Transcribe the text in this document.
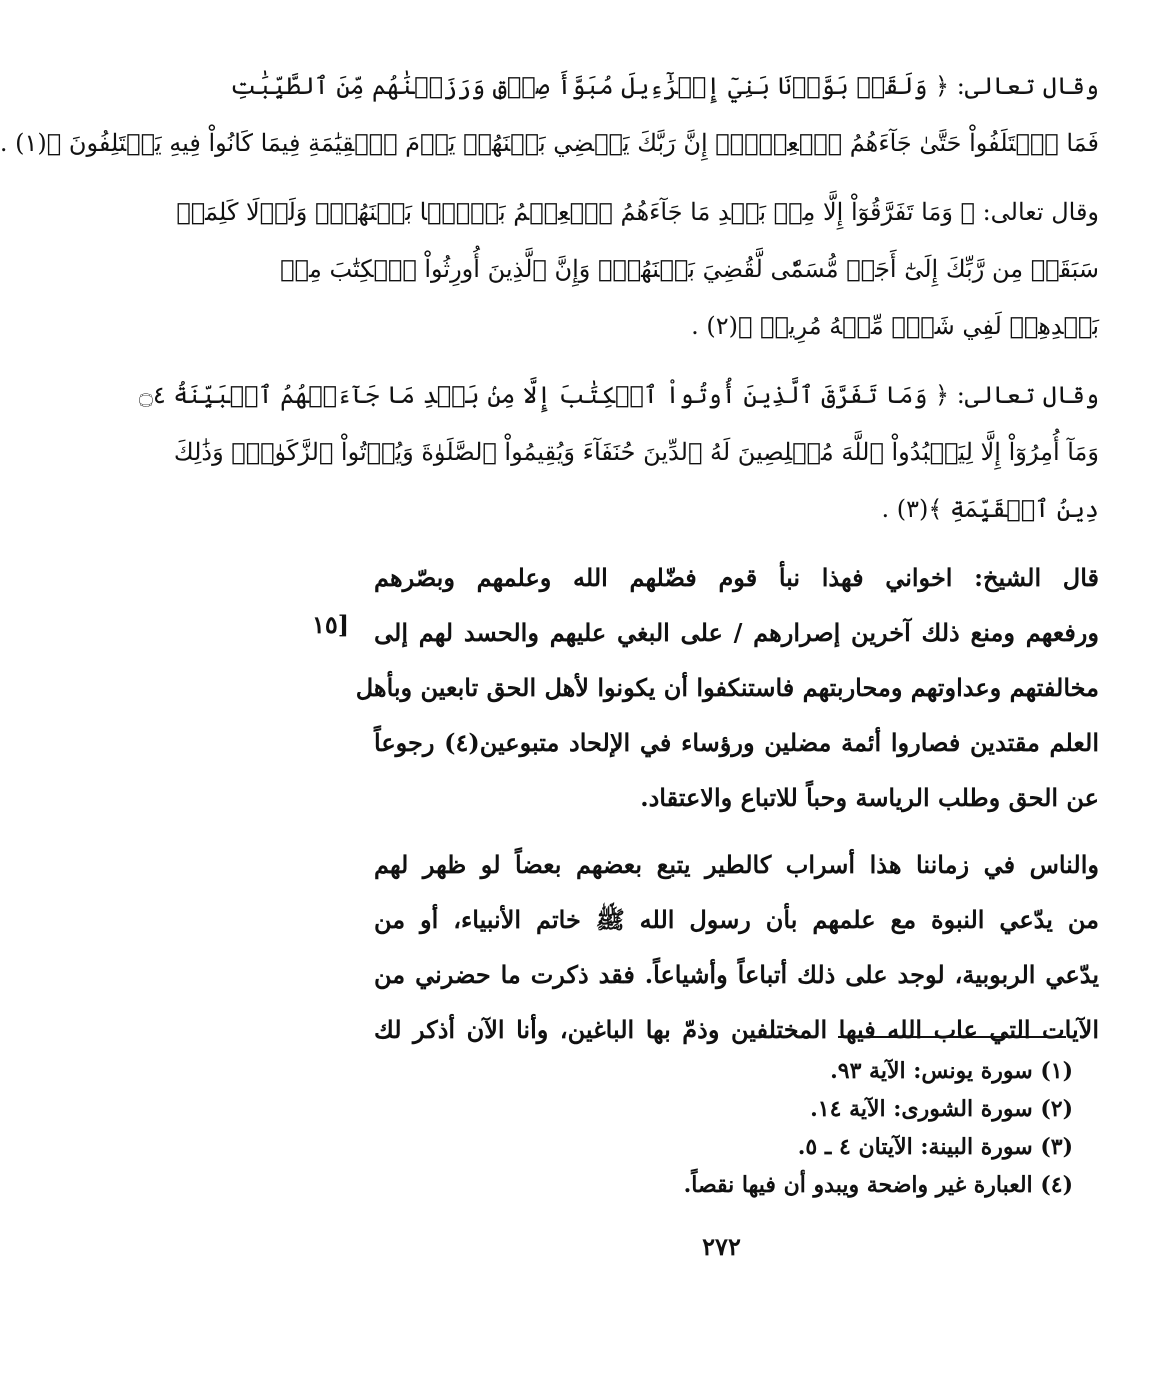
وقال تعالى: ﴿ وَلَقَدۡ بَوَّأۡنَا بَنِيٓ إِسۡرَٰٓءِيلَ مُبَوَّأَ صِدۡقٖ وَرَزَقۡنَٰهُم مِّنَ ٱلطَّيِّبَٰتِ
فَمَا ٱخۡتَلَفُواْ حَتَّىٰ جَآءَهُمُ ٱلۡعِلۡمُۚ إِنَّ رَبَّكَ يَقۡضِي بَيۡنَهُمۡ يَوۡمَ ٱلۡقِيَٰمَةِ فِيمَا كَانُواْ فِيهِ يَخۡتَلِفُونَ ﴾(١) .
وقال تعالى: ﴿ وَمَا تَفَرَّقُوٓاْ إِلَّا مِنۢ بَعۡدِ مَا جَآءَهُمُ ٱلۡعِلۡمُ بَغۡيَۢا بَيۡنَهُمۡۚ وَلَوۡلَا كَلِمَةٞ
سَبَقَتۡ مِن رَّبِّكَ إِلَىٰٓ أَجَلٖ مُّسَمّٗى لَّقُضِيَ بَيۡنَهُمۡۚ وَإِنَّ ٱلَّذِينَ أُورِثُواْ ٱلۡكِتَٰبَ مِنۢ
بَعۡدِهِمۡ لَفِي شَكّٖ مِّنۡهُ مُرِيبٖ ﴾(٢) .
وقال تعالى: ﴿ وَمَا تَفَرَّقَ ٱلَّذِينَ أُوتُواْ ٱلۡكِتَٰبَ إِلَّا مِنۢ بَعۡدِ مَا جَآءَتۡهُمُ ٱلۡبَيِّنَةُ ۝٤
وَمَآ أُمِرُوٓاْ إِلَّا لِيَعۡبُدُواْ ٱللَّهَ مُخۡلِصِينَ لَهُ ٱلدِّينَ حُنَفَآءَ وَيُقِيمُواْ ٱلصَّلَوٰةَ وَيُؤۡتُواْ ٱلزَّكَوٰةَۚ وَذَٰلِكَ
دِينُ ٱلۡقَيِّمَةِ ﴾(٣) .
قال الشيخ: اخواني فهذا نبأ قوم فضّلهم الله وعلمهم وبصّرهم
ورفعهم ومنع ذلك آخرين إصرارهم / على البغي عليهم والحسد لهم إلى
مخالفتهم وعداوتهم ومحاربتهم فاستنكفوا أن يكونوا لأهل الحق تابعين وبأهل
العلم مقتدين فصاروا أئمة مضلين ورؤساء في الإلحاد متبوعين(٤) رجوعاً
عن الحق وطلب الرياسة وحباً للاتباع والاعتقاد.
والناس في زماننا هذا أسراب كالطير يتبع بعضهم بعضاً لو ظهر لهم
من يدّعي النبوة مع علمهم بأن رسول الله ﷺ خاتم الأنبياء، أو من
يدّعي الربوبية، لوجد على ذلك أتباعاً وأشياعاً. فقد ذكرت ما حضرني من
الآيات التي عاب الله فيها المختلفين وذمّ بها الباغين، وأنا الآن أذكر لك
[١٥
(١) سورة يونس: الآية ٩٣.
(٢) سورة الشورى: الآية ١٤.
(٣) سورة البينة: الآيتان ٤ ـ ٥.
(٤) العبارة غير واضحة ويبدو أن فيها نقصاً.
٢٧٢
